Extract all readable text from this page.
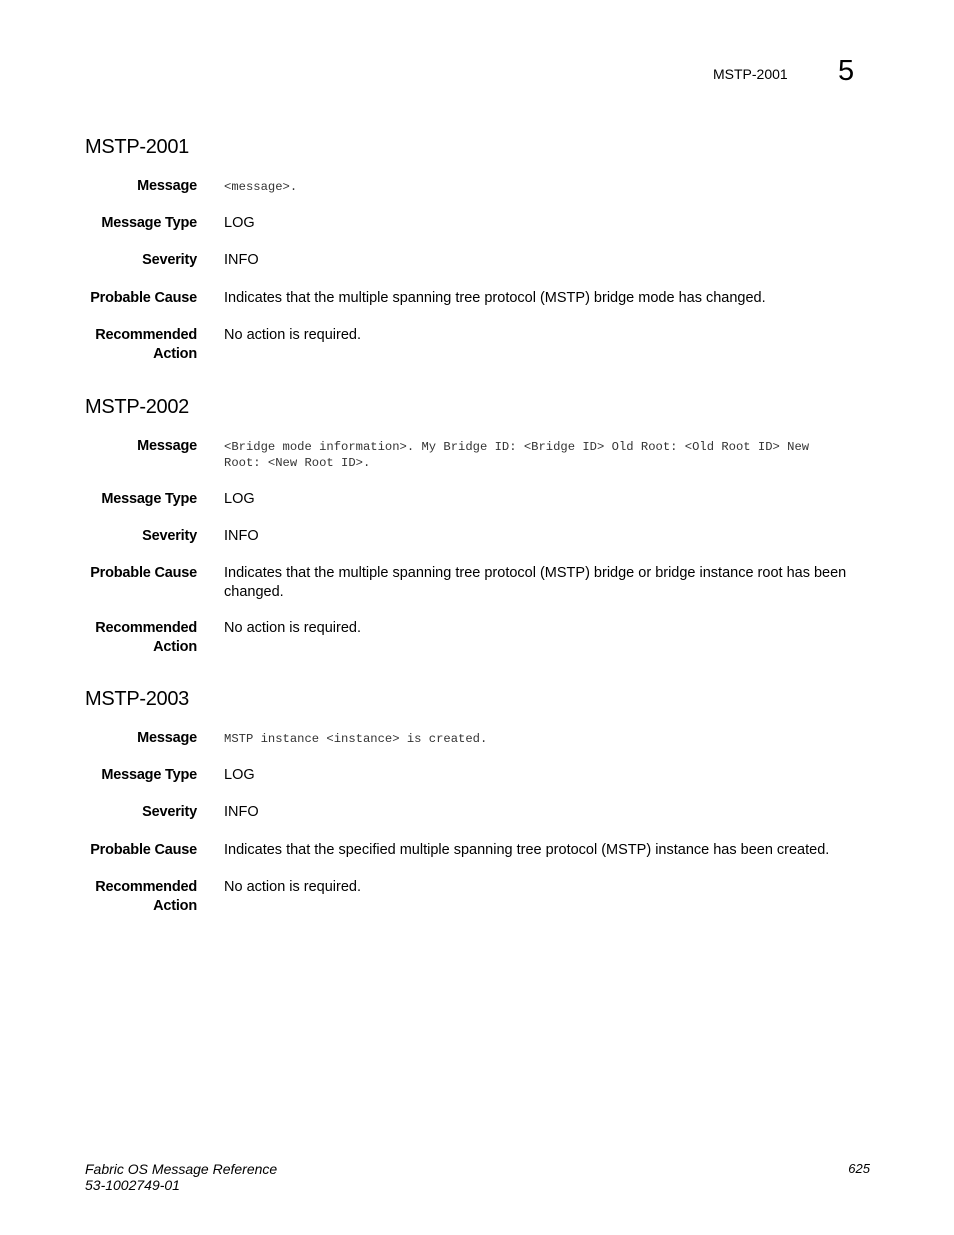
MSTP-2001 5
MSTP-2001
Message <message>.
Message Type LOG
Severity INFO
Probable Cause Indicates that the multiple spanning tree protocol (MSTP) bridge mode has changed.
Recommended
Action
No action is required.
MSTP-2002
Message <Bridge mode information>. My Bridge ID: <Bridge ID> Old Root: <Old Root ID> New
Root: <New Root ID>.
Message Type LOG
Severity INFO
Probable Cause Indicates that the multiple spanning tree protocol (MSTP) bridge or bridge instance root has been
changed.
Recommended
Action
No action is required.
MSTP-2003
Message MSTP instance <instance> is created.
Message Type LOG
Severity INFO
Probable Cause Indicates that the specified multiple spanning tree protocol (MSTP) instance has been created.
Recommended
Action
No action is required.
Fabric OS Message Reference
53-1002749-01
625
